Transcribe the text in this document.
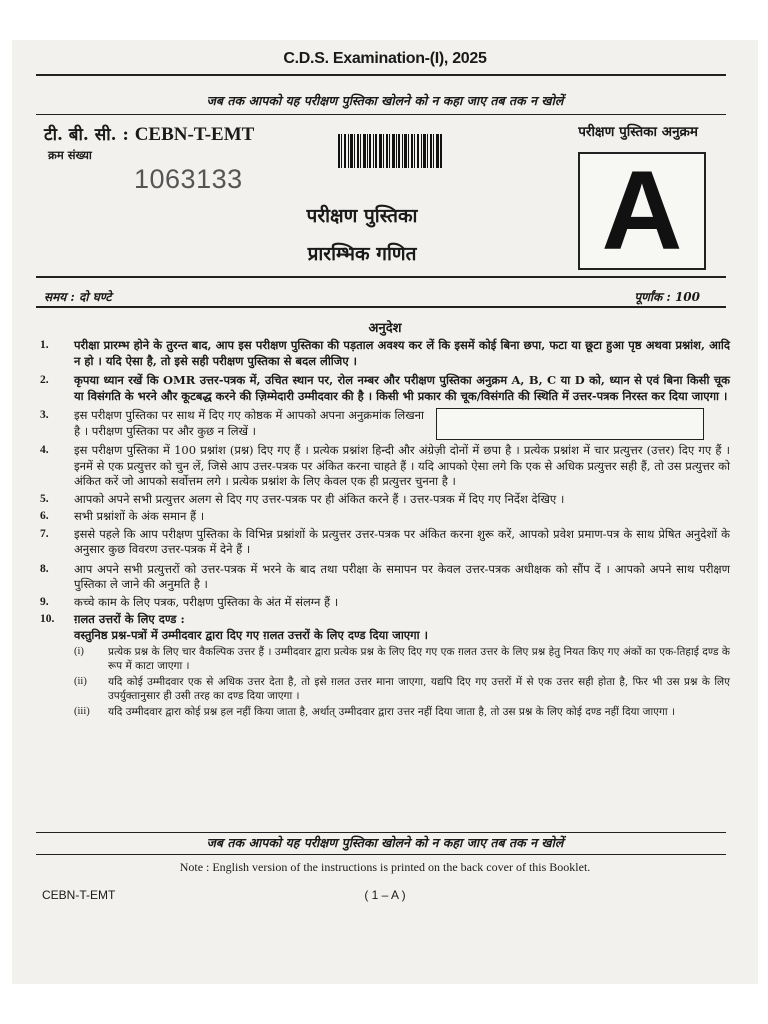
C.D.S. Examination-(I), 2025
जब तक आपको यह परीक्षण पुस्तिका खोलने को न कहा जाए तब तक न खोलें
टी. बी. सी. : CEBN-T-EMT
क्रम संख्या
1063133
परीक्षण पुस्तिका अनुक्रम
A
परीक्षण पुस्तिका
प्रारम्भिक गणित
समय : दो घण्टे	पूर्णांक : 100
अनुदेश
1.	परीक्षा प्रारम्भ होने के तुरन्त बाद, आप इस परीक्षण पुस्तिका की पड़ताल अवश्य कर लें कि इसमें कोई बिना छपा, फटा या छूटा हुआ पृष्ठ अथवा प्रश्नांश, आदि न हो । यदि ऐसा है, तो इसे सही परीक्षण पुस्तिका से बदल लीजिए ।
2.	कृपया ध्यान रखें कि OMR उत्तर-पत्रक में, उचित स्थान पर, रोल नम्बर और परीक्षण पुस्तिका अनुक्रम A, B, C या D को, ध्यान से एवं बिना किसी चूक या विसंगति के भरने और कूटबद्ध करने की ज़िम्मेदारी उम्मीदवार की है । किसी भी प्रकार की चूक/विसंगति की स्थिति में उत्तर-पत्रक निरस्त कर दिया जाएगा ।
3.	इस परीक्षण पुस्तिका पर साथ में दिए गए कोष्ठक में आपको अपना अनुक्रमांक लिखना है । परीक्षण पुस्तिका पर और कुछ न लिखें ।
4.	इस परीक्षण पुस्तिका में 100 प्रश्नांश (प्रश्न) दिए गए हैं । प्रत्येक प्रश्नांश हिन्दी और अंग्रेज़ी दोनों में छपा है । प्रत्येक प्रश्नांश में चार प्रत्युत्तर (उत्तर) दिए गए हैं । इनमें से एक प्रत्युत्तर को चुन लें, जिसे आप उत्तर-पत्रक पर अंकित करना चाहते हैं । यदि आपको ऐसा लगे कि एक से अधिक प्रत्युत्तर सही हैं, तो उस प्रत्युत्तर को अंकित करें जो आपको सर्वोत्तम लगे । प्रत्येक प्रश्नांश के लिए केवल एक ही प्रत्युत्तर चुनना है ।
5.	आपको अपने सभी प्रत्युत्तर अलग से दिए गए उत्तर-पत्रक पर ही अंकित करने हैं । उत्तर-पत्रक में दिए गए निर्देश देखिए ।
6.	सभी प्रश्नांशों के अंक समान हैं ।
7.	इससे पहले कि आप परीक्षण पुस्तिका के विभिन्न प्रश्नांशों के प्रत्युत्तर उत्तर-पत्रक पर अंकित करना शुरू करें, आपको प्रवेश प्रमाण-पत्र के साथ प्रेषित अनुदेशों के अनुसार कुछ विवरण उत्तर-पत्रक में देने हैं ।
8.	आप अपने सभी प्रत्युत्तरों को उत्तर-पत्रक में भरने के बाद तथा परीक्षा के समापन पर केवल उत्तर-पत्रक अधीक्षक को सौंप दें । आपको अपने साथ परीक्षण पुस्तिका ले जाने की अनुमति है ।
9.	कच्चे काम के लिए पत्रक, परीक्षण पुस्तिका के अंत में संलग्न हैं ।
10.	ग़लत उत्तरों के लिए दण्ड :
वस्तुनिष्ठ प्रश्न-पत्रों में उम्मीदवार द्वारा दिए गए ग़लत उत्तरों के लिए दण्ड दिया जाएगा ।
(i)	प्रत्येक प्रश्न के लिए चार वैकल्पिक उत्तर हैं । उम्मीदवार द्वारा प्रत्येक प्रश्न के लिए दिए गए एक ग़लत उत्तर के लिए प्रश्न हेतु नियत किए गए अंकों का एक-तिहाई दण्ड के रूप में काटा जाएगा ।
(ii)	यदि कोई उम्मीदवार एक से अधिक उत्तर देता है, तो इसे ग़लत उत्तर माना जाएगा, यद्यपि दिए गए उत्तरों में से एक उत्तर सही होता है, फिर भी उस प्रश्न के लिए उपर्युक्तानुसार ही उसी तरह का दण्ड दिया जाएगा ।
(iii)	यदि उम्मीदवार द्वारा कोई प्रश्न हल नहीं किया जाता है, अर्थात् उम्मीदवार द्वारा उत्तर नहीं दिया जाता है, तो उस प्रश्न के लिए कोई दण्ड नहीं दिया जाएगा ।
जब तक आपको यह परीक्षण पुस्तिका खोलने को न कहा जाए तब तक न खोलें
Note : English version of the instructions is printed on the back cover of this Booklet.
CEBN-T-EMT	( 1 – A )
